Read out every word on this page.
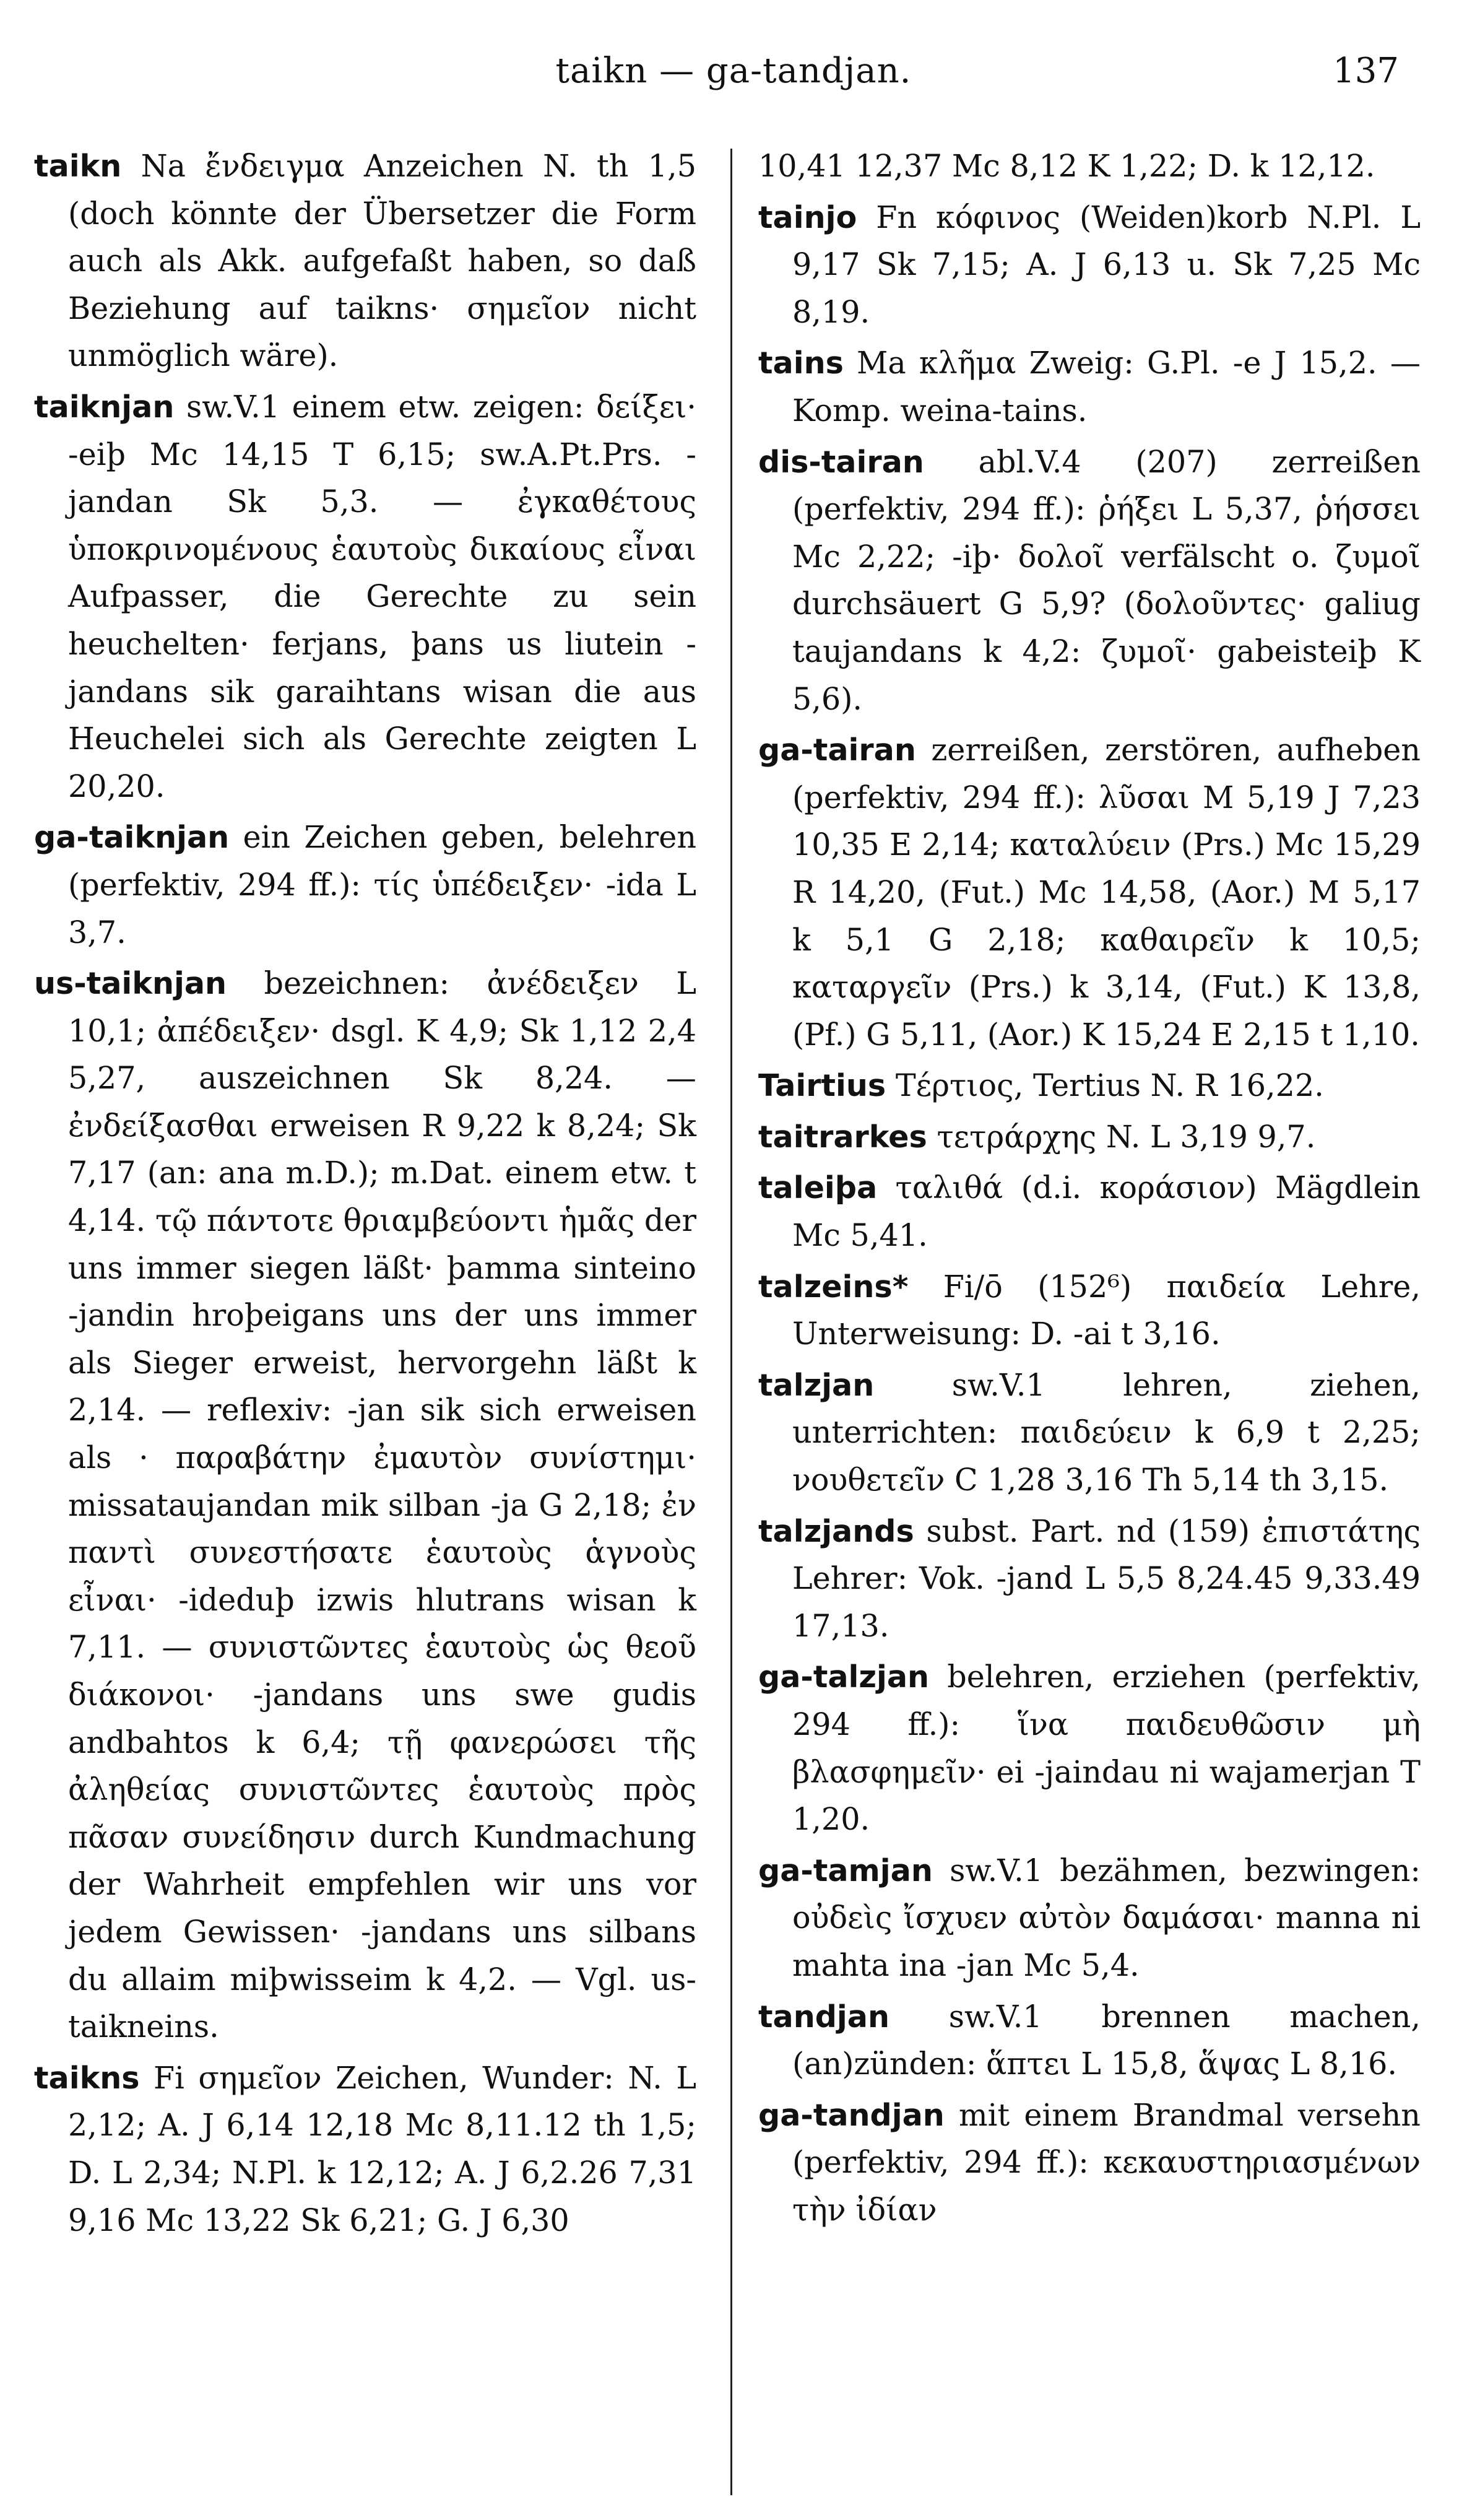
taikn — ga-tandjan.	137

taikn Na ἔνδειγμα Anzeichen N. th 1,5 (doch könnte der Übersetzer die Form auch als Akk. aufgefaßt haben, so daß Beziehung auf taikns· σημεῖον nicht unmöglich wäre).

taiknjan sw.V.1 einem etw. zeigen: δείξει· -eiþ Mc 14,15 T 6,15; sw.A.Pt.Prs. -jandan Sk 5,3. — ἐγκαθέτους ὑποκρινομένους ἑαυτοὺς δικαίους εἶναι Aufpasser, die Gerechte zu sein heuchelten· ferjans, þans us liutein -jandans sik garaihtans wisan die aus Heuchelei sich als Gerechte zeigten L 20,20.

ga-taiknjan ein Zeichen geben, belehren (perfektiv, 294 ff.): τίς ὑπέδειξεν· -ida L 3,7.

us-taiknjan bezeichnen: ἀνέδειξεν L 10,1; ἀπέδειξεν· dsgl. K 4,9; Sk 1,12 2,4 5,27, auszeichnen Sk 8,24. — ἐνδείξασθαι erweisen R 9,22 k 8,24; Sk 7,17 (an: ana m.D.); m.Dat. einem etw. t 4,14. τῷ πάντοτε θριαμβεύοντι ἡμᾶς der uns immer siegen läßt· þamma sinteino -jandin hroþeigans uns der uns immer als Sieger erweist, hervorgehn läßt k 2,14. — reflexiv: -jan sik sich erweisen als · παραβάτην ἐμαυτὸν συνίστημι· missataujandan mik silban -ja G 2,18; ἐν παντὶ συνεστήσατε ἑαυτοὺς ἁγνοὺς εἶναι· -ideduþ izwis hlutrans wisan k 7,11. — συνιστῶντες ἑαυτοὺς ὡς θεοῦ διάκονοι· -jandans uns swe gudis andbahtos k 6,4; τῇ φανερώσει τῆς ἀληθείας συνιστῶντες ἑαυτοὺς πρὸς πᾶσαν συνείδησιν durch Kundmachung der Wahrheit empfehlen wir uns vor jedem Gewissen· -jandans uns silbans du allaim miþwisseim k 4,2. — Vgl. us-taikneins.

taikns Fi σημεῖον Zeichen, Wunder: N. L 2,12; A. J 6,14 12,18 Mc 8,11.12 th 1,5; D. L 2,34; N.Pl. k 12,12; A. J 6,2.26 7,31 9,16 Mc 13,22 Sk 6,21; G. J 6,30

10,41 12,37 Mc 8,12 K 1,22; D. k 12,12.

tainjo Fn κόφινος (Weiden)korb N.Pl. L 9,17 Sk 7,15; A. J 6,13 u. Sk 7,25 Mc 8,19.

tains Ma κλῆμα Zweig: G.Pl. -e J 15,2. — Komp. weina-tains.

dis-tairan abl.V.4 (207) zerreißen (perfektiv, 294 ff.): ῥήξει L 5,37, ῥήσσει Mc 2,22; -iþ· δολοῖ verfälscht o. ζυμοῖ durchsäuert G 5,9? (δολοῦντες· galiug taujandans k 4,2: ζυμοῖ· gabeisteiþ K 5,6).

ga-tairan zerreißen, zerstören, aufheben (perfektiv, 294 ff.): λῦσαι M 5,19 J 7,23 10,35 E 2,14; καταλύειν (Prs.) Mc 15,29 R 14,20, (Fut.) Mc 14,58, (Aor.) M 5,17 k 5,1 G 2,18; καθαιρεῖν k 10,5; καταργεῖν (Prs.) k 3,14, (Fut.) K 13,8, (Pf.) G 5,11, (Aor.) K 15,24 E 2,15 t 1,10.

Tairtius Τέρτιος, Tertius N. R 16,22.

taitrarkes τετράρχης N. L 3,19 9,7.

taleiþa ταλιθά (d.i. κοράσιον) Mägdlein Mc 5,41.

talzeins* Fi/ō (152⁶) παιδεία Lehre, Unterweisung: D. -ai t 3,16.

talzjan	sw.V.1 lehren, ziehen, unterrichten: παιδεύειν k 6,9 t 2,25; νουθετεῖν C 1,28 3,16 Th 5,14 th 3,15.

talzjands subst. Part. nd (159) ἐπιστάτης Lehrer: Vok. -jand L 5,5 8,24.45 9,33.49 17,13.

ga-talzjan belehren, erziehen (perfektiv, 294 ff.): ἵνα παιδευθῶσιν μὴ βλασφημεῖν· ei -jaindau ni wajamerjan T 1,20.

ga-tamjan sw.V.1 bezähmen, bezwingen: οὐδεὶς ἴσχυεν αὐτὸν δαμάσαι· manna ni mahta ina -jan Mc 5,4.

tandjan sw.V.1 brennen machen, (an)zünden: ἅπτει L 15,8, ἅψας L 8,16.

ga-tandjan mit einem Brandmal versehn (perfektiv, 294 ff.): κεκαυστηριασμένων τὴν ἰδίαν
